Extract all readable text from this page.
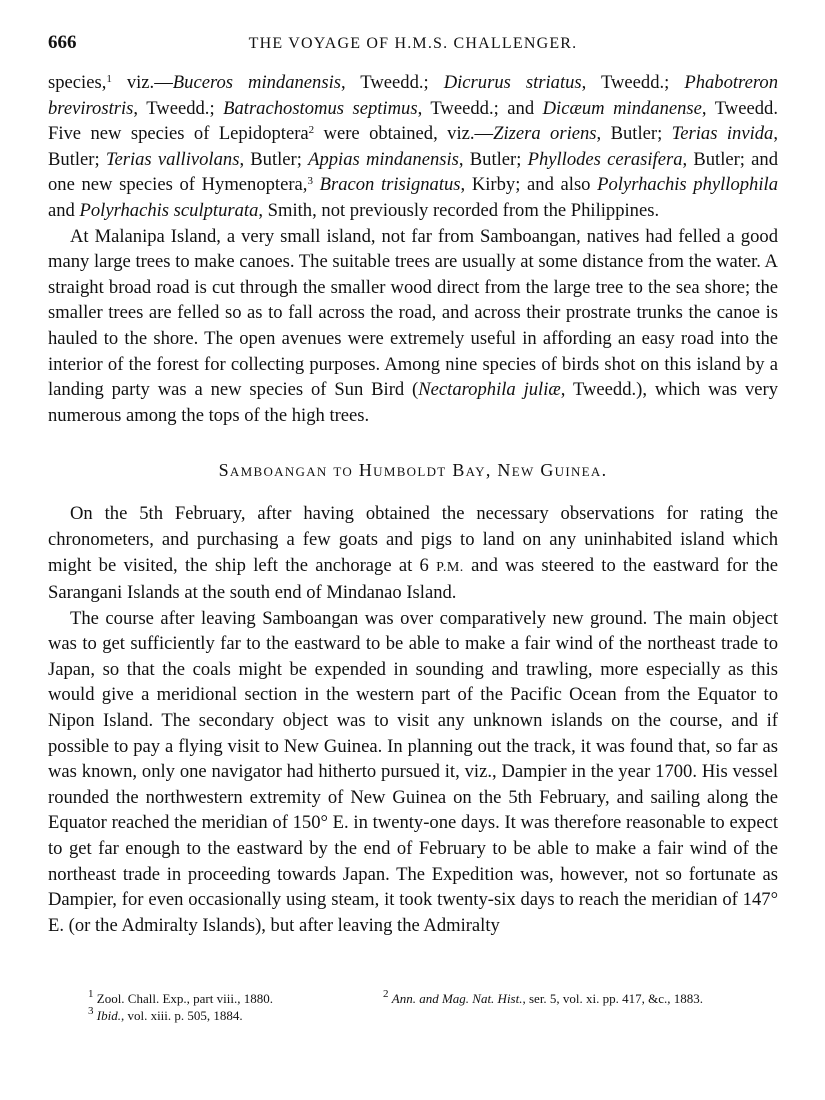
666	THE VOYAGE OF H.M.S. CHALLENGER.

species,$^1$ viz.—Buceros mindanensis, Tweedd.; Dicrurus striatus, Tweedd.; Phabotreron brevirostris, Tweedd.; Batrachostomus septimus, Tweedd.; and Dicæum mindanense, Tweedd. Five new species of Lepidoptera$^2$ were obtained, viz.—Zizera oriens, Butler; Terias invida, Butler; Terias vallivolans, Butler; Appias mindanensis, Butler; Phyllodes cerasifera, Butler; and one new species of Hymenoptera,$^3$ Bracon trisignatus, Kirby; and also Polyrhachis phyllophila and Polyrhachis sculpturata, Smith, not previously recorded from the Philippines.

At Malanipa Island, a very small island, not far from Samboangan, natives had felled a good many large trees to make canoes. The suitable trees are usually at some distance from the water. A straight broad road is cut through the smaller wood direct from the large tree to the sea shore; the smaller trees are felled so as to fall across the road, and across their prostrate trunks the canoe is hauled to the shore. The open avenues were extremely useful in affording an easy road into the interior of the forest for collecting purposes. Among nine species of birds shot on this island by a landing party was a new species of Sun Bird (Nectarophila juliæ, Tweedd.), which was very numerous among the tops of the high trees.

Samboangan to Humboldt Bay, New Guinea.

On the 5th February, after having obtained the necessary observations for rating the chronometers, and purchasing a few goats and pigs to land on any uninhabited island which might be visited, the ship left the anchorage at 6 P.M. and was steered to the eastward for the Sarangani Islands at the south end of Mindanao Island.

The course after leaving Samboangan was over comparatively new ground. The main object was to get sufficiently far to the eastward to be able to make a fair wind of the northeast trade to Japan, so that the coals might be expended in sounding and trawling, more especially as this would give a meridional section in the western part of the Pacific Ocean from the Equator to Nipon Island. The secondary object was to visit any unknown islands on the course, and if possible to pay a flying visit to New Guinea. In planning out the track, it was found that, so far as was known, only one navigator had hitherto pursued it, viz., Dampier in the year 1700. His vessel rounded the northwestern extremity of New Guinea on the 5th February, and sailing along the Equator reached the meridian of 150° E. in twenty-one days. It was therefore reasonable to expect to get far enough to the eastward by the end of February to be able to make a fair wind of the northeast trade in proceeding towards Japan. The Expedition was, however, not so fortunate as Dampier, for even occasionally using steam, it took twenty-six days to reach the meridian of 147° E. (or the Admiralty Islands), but after leaving the Admiralty

$^1$ Zool. Chall. Exp., part viii., 1880.	$^2$ Ann. and Mag. Nat. Hist., ser. 5, vol. xi. pp. 417, &c., 1883.
$^3$ Ibid., vol. xiii. p. 505, 1884.
